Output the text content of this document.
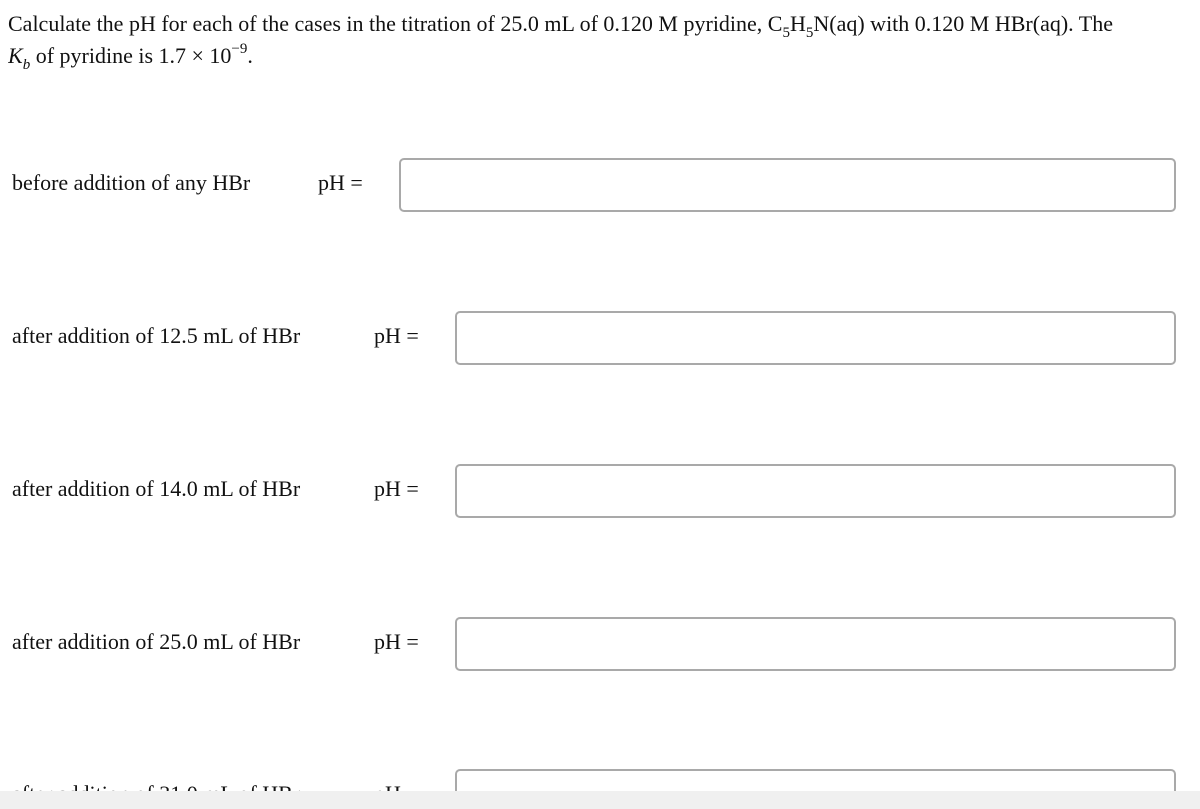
Calculate the pH for each of the cases in the titration of 25.0 mL of 0.120 M pyridine, $C_5H_5N(aq)$ with 0.120 M HBr(aq). The
$K_b$ of pyridine is $1.7 \times 10^{-9}$.
before addition of any HBr	pH =
after addition of 12.5 mL of HBr	pH =
after addition of 14.0 mL of HBr	pH =
after addition of 25.0 mL of HBr	pH =
